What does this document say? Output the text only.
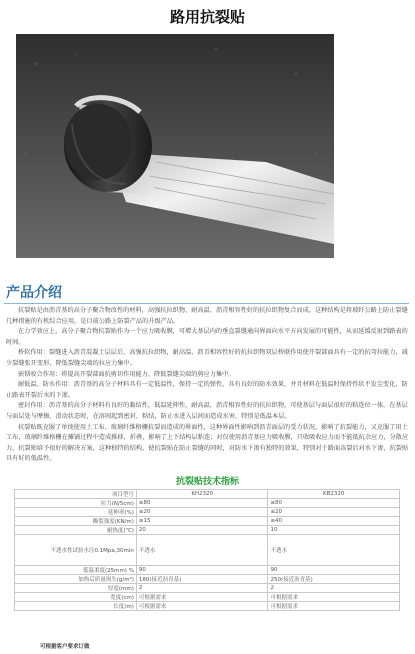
路用抗裂贴
产品介绍

抗裂贴是由沥青基的高分子聚合物改性的材料，高强抗拉织物，耐高温、沥青相容性好的抗拉织物复合而成。这种结构是将玻纤公路上防止裂缝几种措施的有机综合应用，是目前公路上防裂产品的升级产品。

在力学效应上，高分子聚合物抗裂贴作为一个应力吸收膜，可增大基层内的垂直裂缝通向界面向水平方向发展的可能性，从而延缓反射到路表的时间。

桥软作用：裂缝进入沥青混凝土层层后，高强抗拉织物，耐高温、沥青相容性好的抗拉织物双层桥联作用使开裂部面具有一定的抗弯拉能力，减少裂缝张开变形，降低裂缝尖端的拉应力集中。

嵌锁咬合作用：将提高开裂部面抗剪切作用能力，降低裂缝尖端的剪应力集中。

耐低温、防水作用：沥青基的高分子材料具有一定低温性，保持一定的弹性，具有良好的防水效果，并且材料在低温时保持性状不发尘变化，防止路表开裂后水的下渗。

密封作用：沥青基的高分子材料有良好的黏结性，低温延伸性，耐高温，沥青相容性好的抗拉织物，可使基层与面层很好的粘连位一体，在基层与面层处与摩擦、滑动状态时，在溶间起到密封，粘结，防止水进入层间而造成水害，特别是低温本层。

抗裂贴既克服了单纯使用土工布、玻璃纤维格栅抗裂而造成的界面性，这种界面性影响到沥青面层的受力状况，影响了抗裂能力，又克服了用土工布，玻璃纤维格栅在摊铺过程中造成推移，折叠，影响了上下结构层粘连；对仅使用沥青基应力吸收膜，只收吸收应力而不能抵抗余应力，分散应力，抗裂贴给予很好的解决方案，这种独特的结构，使抗裂贴在防止裂缝的同时，对防水下渗有独特的效果，特别对于路面冻裂后对水下渗，抗裂贴具有好的低温性。

抗裂贴技术指标
项目型号	KH2320	KB2320
拉力(N/5cm)	≥80	≥80
延伸率(%)	≤20	≤20
撕裂强度(KN/m)	≥15	≥40
耐热度(℃)	20	10
不透水性试验水压0.1Mpa,30min	不透水	不透水
低温柔度(25mm) %	90	90
加热后质量损失(g/m²)	180(接近沥青基)	250(接近沥青基)
厚度(mm)	2	2
宽度(cm)	可根据需求	可根据需求
长度(m)	可根据需求	可根据需求
可根据客户要求订做
